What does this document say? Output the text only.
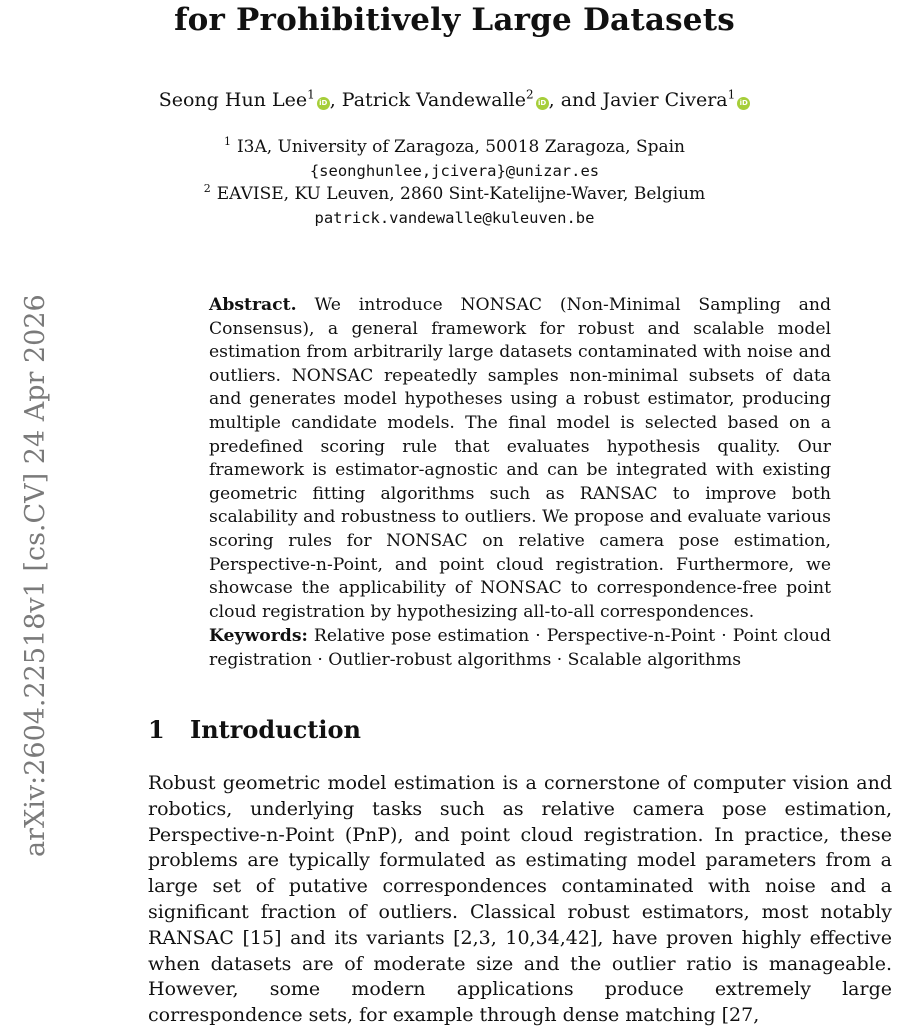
arXiv:2604.22518v1 [cs.CV] 24 Apr 2026
for Prohibitively Large Datasets
Seong Hun Lee$^1$iD , Patrick Vandewalle$^2$iD , and Javier Civera$^1$iD
$^1$ I3A, University of Zaragoza, 50018 Zaragoza, Spain
{seonghunlee,jcivera}@unizar.es
$^2$ EAVISE, KU Leuven, 2860 Sint-Katelijne-Waver, Belgium
patrick.vandewalle@kuleuven.be
Abstract. We introduce NONSAC (Non-Minimal Sampling and Consensus), a general framework for robust and scalable model estimation from arbitrarily large datasets contaminated with noise and outliers. NONSAC repeatedly samples non-minimal subsets of data and generates model hypotheses using a robust estimator, producing multiple candidate models. The final model is selected based on a predefined scoring rule that evaluates hypothesis quality. Our framework is estimator-agnostic and can be integrated with existing geometric fitting algorithms such as RANSAC to improve both scalability and robustness to outliers. We propose and evaluate various scoring rules for NONSAC on relative camera pose estimation, Perspective-n-Point, and point cloud registration. Furthermore, we showcase the applicability of NONSAC to correspondence-free point cloud registration by hypothesizing all-to-all correspondences.
Keywords: Relative pose estimation · Perspective-n-Point · Point cloud registration · Outlier-robust algorithms · Scalable algorithms
1 Introduction
Robust geometric model estimation is a cornerstone of computer vision and robotics, underlying tasks such as relative camera pose estimation, Perspective-n-Point (PnP), and point cloud registration. In practice, these problems are typically formulated as estimating model parameters from a large set of putative correspondences contaminated with noise and a significant fraction of outliers. Classical robust estimators, most notably RANSAC [15] and its variants [2,3, 10,34,42], have proven highly effective when datasets are of moderate size and the outlier ratio is manageable. However, some modern applications produce extremely large correspondence sets, for example through dense matching [27,
